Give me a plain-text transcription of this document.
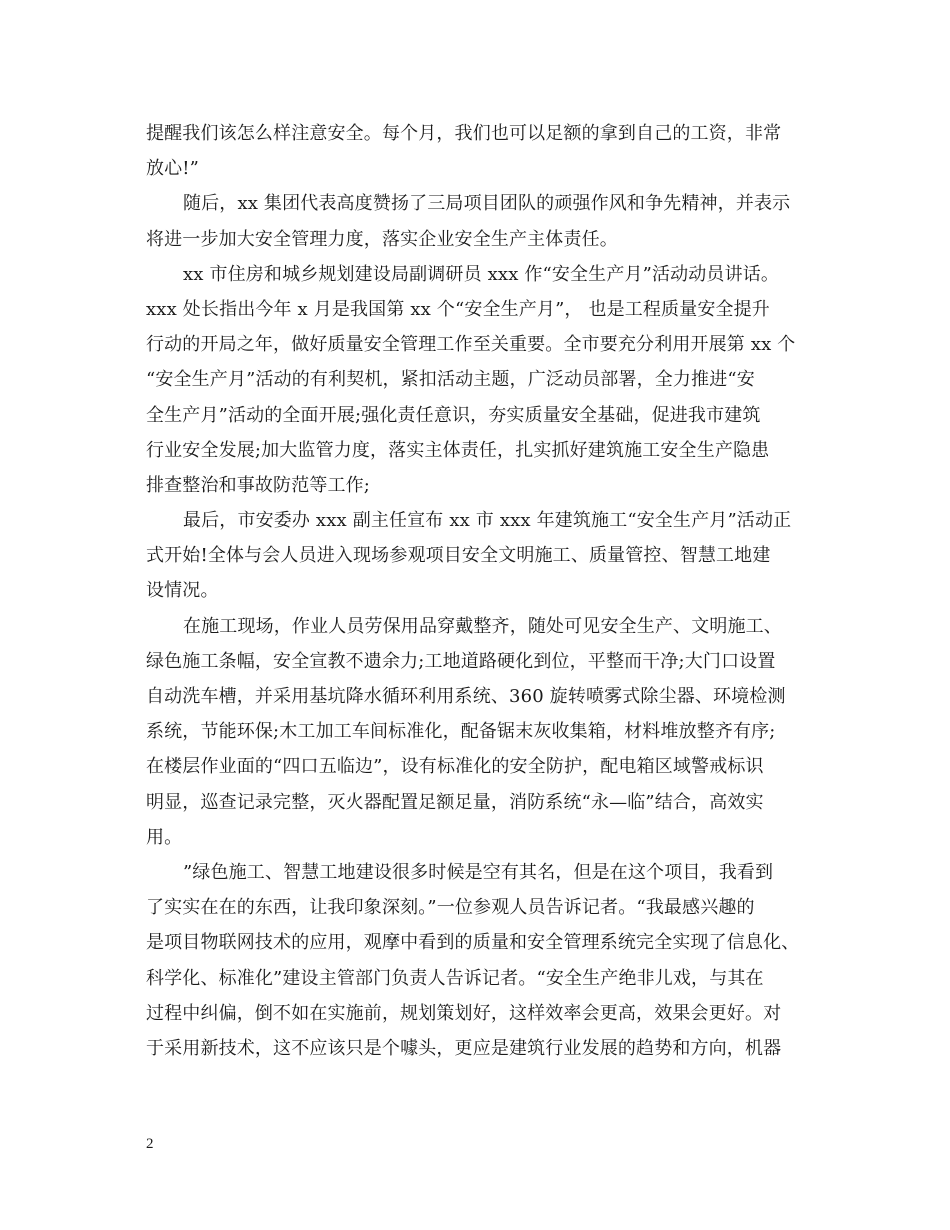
提醒我们该怎么样注意安全。每个月，我们也可以足额的拿到自己的工资，非常
放心!”
随后，xx 集团代表高度赞扬了三局项目团队的顽强作风和争先精神，并表示
将进一步加大安全管理力度，落实企业安全生产主体责任。
xx 市住房和城乡规划建设局副调研员 xxx 作“安全生产月”活动动员讲话。
xxx 处长指出今年 x 月是我国第 xx 个“安全生产月”， 也是工程质量安全提升
行动的开局之年，做好质量安全管理工作至关重要。全市要充分利用开展第 xx 个
“安全生产月”活动的有利契机，紧扣活动主题，广泛动员部署，全力推进“安
全生产月”活动的全面开展;强化责任意识，夯实质量安全基础，促进我市建筑
行业安全发展;加大监管力度，落实主体责任，扎实抓好建筑施工安全生产隐患
排查整治和事故防范等工作;
最后，市安委办 xxx 副主任宣布 xx 市 xxx 年建筑施工“安全生产月”活动正
式开始!全体与会人员进入现场参观项目安全文明施工、质量管控、智慧工地建
设情况。
在施工现场，作业人员劳保用品穿戴整齐，随处可见安全生产、文明施工、
绿色施工条幅，安全宣教不遗余力;工地道路硬化到位，平整而干净;大门口设置
自动洗车槽，并采用基坑降水循环利用系统、360 旋转喷雾式除尘器、环境检测
系统，节能环保;木工加工车间标准化，配备锯末灰收集箱，材料堆放整齐有序;
在楼层作业面的“四口五临边”，设有标准化的安全防护，配电箱区域警戒标识
明显，巡查记录完整，灭火器配置足额足量，消防系统“永—临”结合，高效实
用。
”绿色施工、智慧工地建设很多时候是空有其名，但是在这个项目，我看到
了实实在在的东西，让我印象深刻。”一位参观人员告诉记者。“我最感兴趣的
是项目物联网技术的应用，观摩中看到的质量和安全管理系统完全实现了信息化、
科学化、标准化”建设主管部门负责人告诉记者。“安全生产绝非儿戏，与其在
过程中纠偏，倒不如在实施前，规划策划好，这样效率会更高，效果会更好。对
于采用新技术，这不应该只是个噱头，更应是建筑行业发展的趋势和方向，机器
2
